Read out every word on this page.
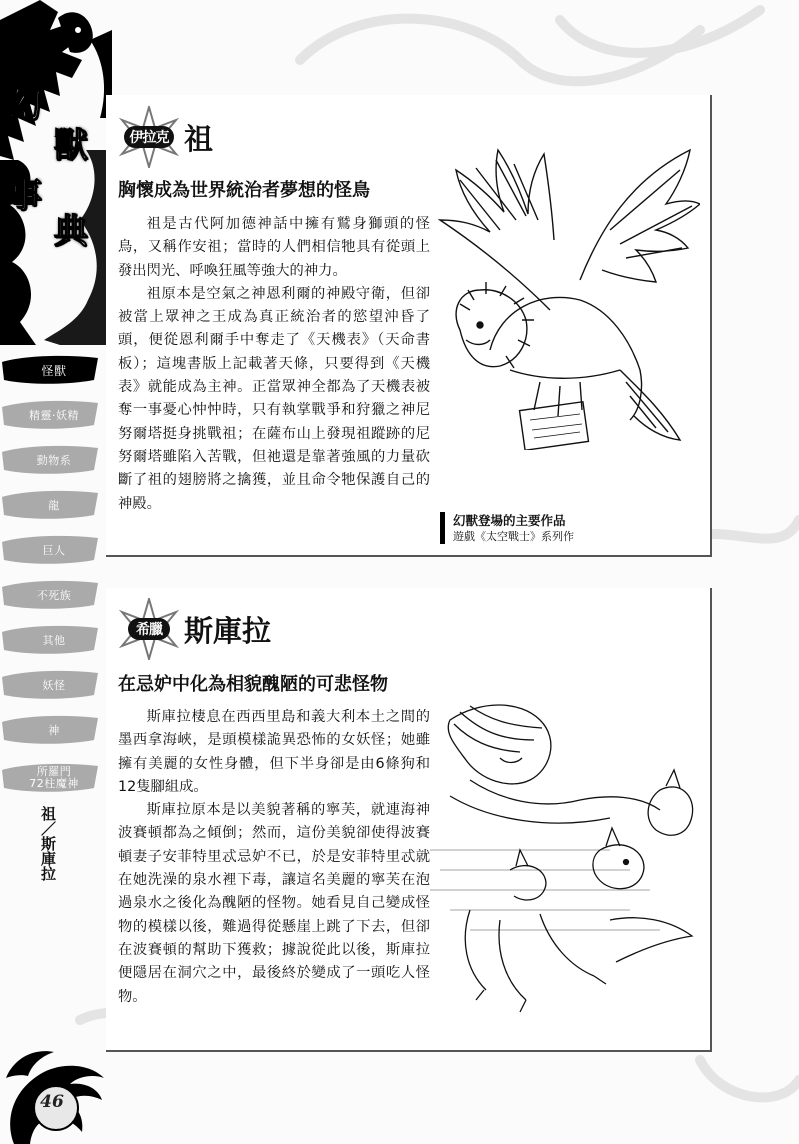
幻
獸
事
典
怪獸
精靈‧妖精
動物系
龍
巨人
不死族
其他
妖怪
神
所羅門
72柱魔神
祖／斯庫拉
46
伊拉克 祖
胸懷成為世界統治者夢想的怪鳥

祖是古代阿加德神話中擁有鷲身獅頭的怪鳥，又稱作安祖；當時的人們相信牠具有從頭上發出閃光、呼喚狂風等強大的神力。

祖原本是空氣之神恩利爾的神殿守衛，但卻被當上眾神之王成為真正統治者的慾望沖昏了頭，便從恩利爾手中奪走了《天機表》（天命書板）；這塊書版上記載著天條，只要得到《天機表》就能成為主神。正當眾神全都為了天機表被奪一事憂心忡忡時，只有執掌戰爭和狩獵之神尼努爾塔挺身挑戰祖；在薩布山上發現祖蹤跡的尼努爾塔雖陷入苦戰，但祂還是靠著強風的力量砍斷了祖的翅膀將之擒獲，並且命令牠保護自己的神殿。

幻獸登場的主要作品
遊戲《太空戰士》系列作
希臘 斯庫拉
在忌妒中化為相貌醜陋的可悲怪物

斯庫拉棲息在西西里島和義大利本土之間的墨西拿海峽，是頭模樣詭異恐怖的女妖怪；她雖擁有美麗的女性身體，但下半身卻是由6條狗和12隻腳組成。

斯庫拉原本是以美貌著稱的寧芙，就連海神波賽頓都為之傾倒；然而，這份美貌卻使得波賽頓妻子安菲特里忒忌妒不已，於是安菲特里忒就在她洗澡的泉水裡下毒，讓這名美麗的寧芙在泡過泉水之後化為醜陋的怪物。她看見自己變成怪物的模樣以後，難過得從懸崖上跳了下去，但卻在波賽頓的幫助下獲救；據說從此以後，斯庫拉便隱居在洞穴之中，最後終於變成了一頭吃人怪物。
